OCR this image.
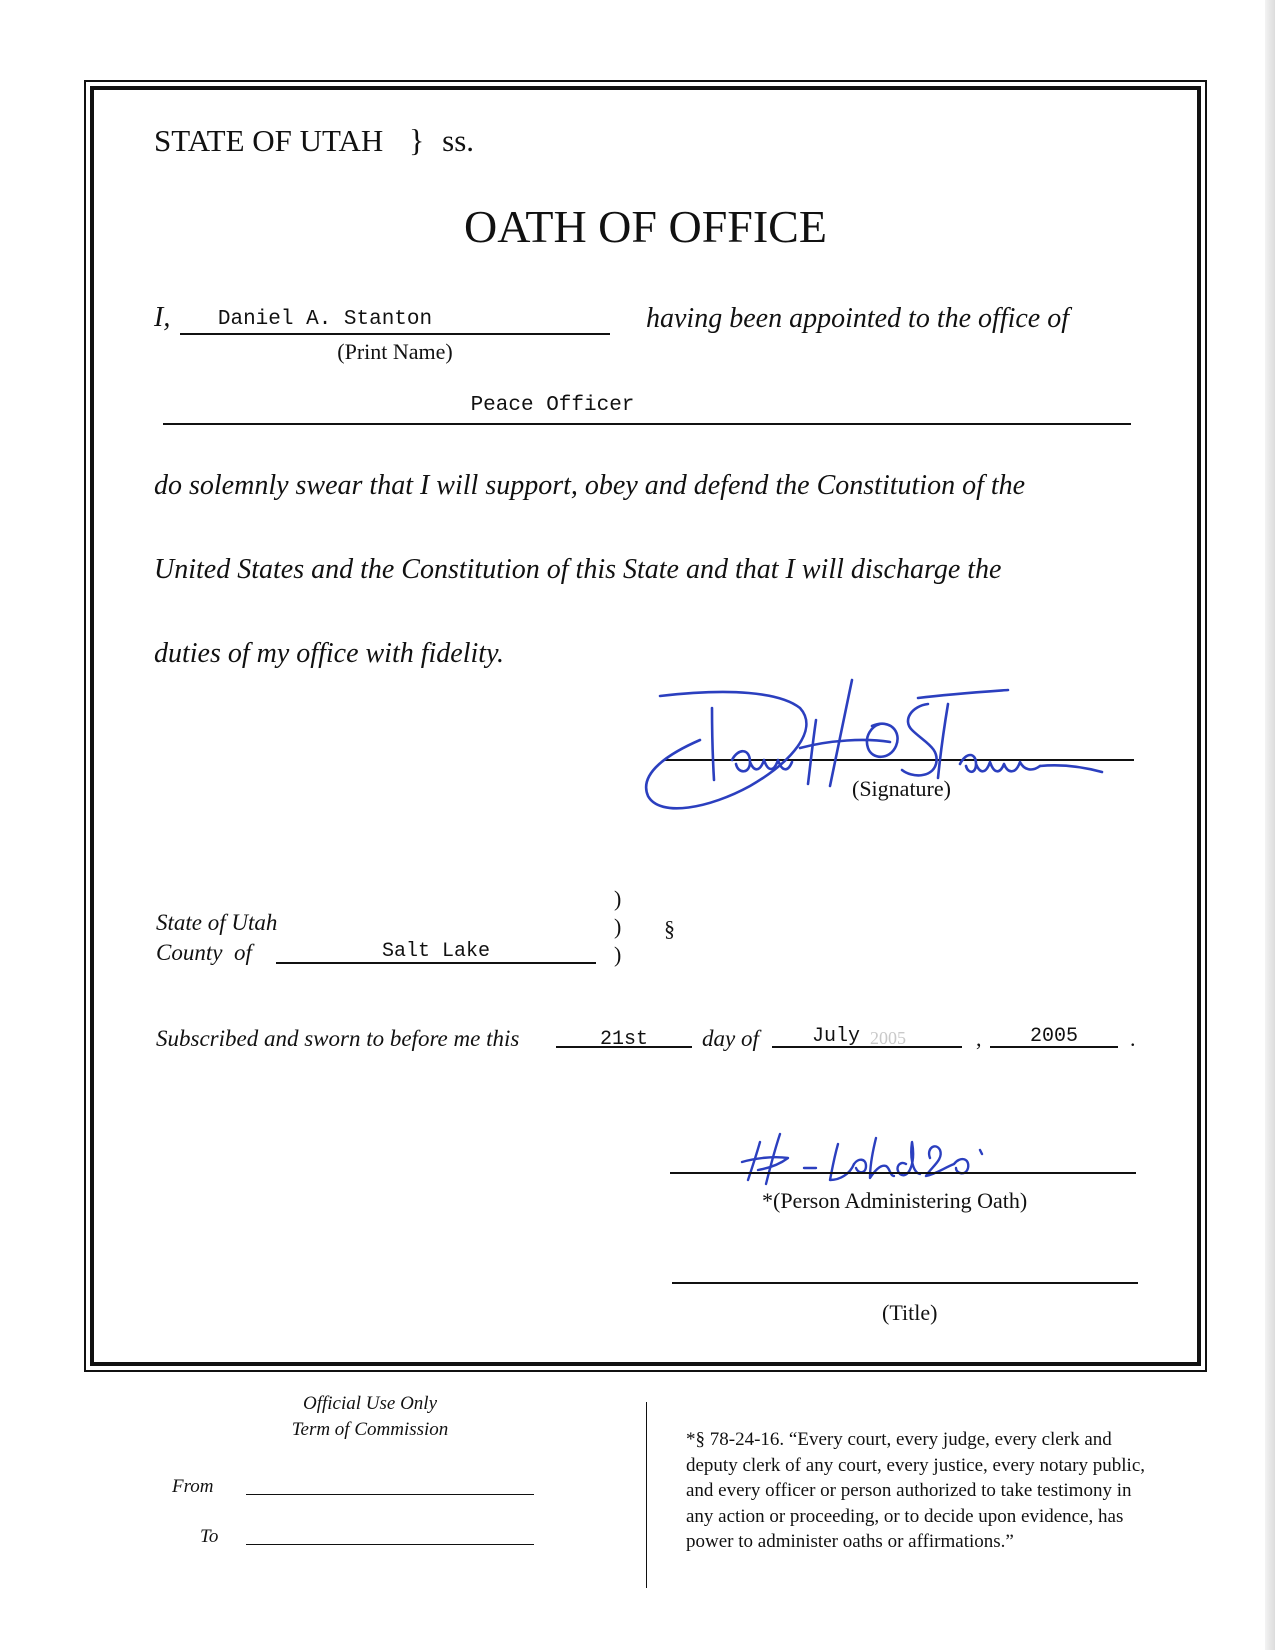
STATE OF UTAH } ss.
OATH OF OFFICE
I,	Daniel A. Stanton
(Print Name)
having been appointed to the office of
Peace Officer
do solemnly swear that I will support, obey and defend the Constitution of the
United States and the Constitution of this State and that I will discharge the
duties of my office with fidelity.
(Signature)
)
)
)
§
State of Utah
County  of	Salt Lake
Subscribed and sworn to before me this	21st	day of	July 2005	,	2005	.
*(Person Administering Oath)
(Title)
Official Use Only
Term of Commission
From
To
*§ 78-24-16. “Every court, every judge, every clerk and
deputy clerk of any court, every justice, every notary public,
and every officer or person authorized to take testimony in
any action or proceeding, or to decide upon evidence, has
power to administer oaths or affirmations.”
